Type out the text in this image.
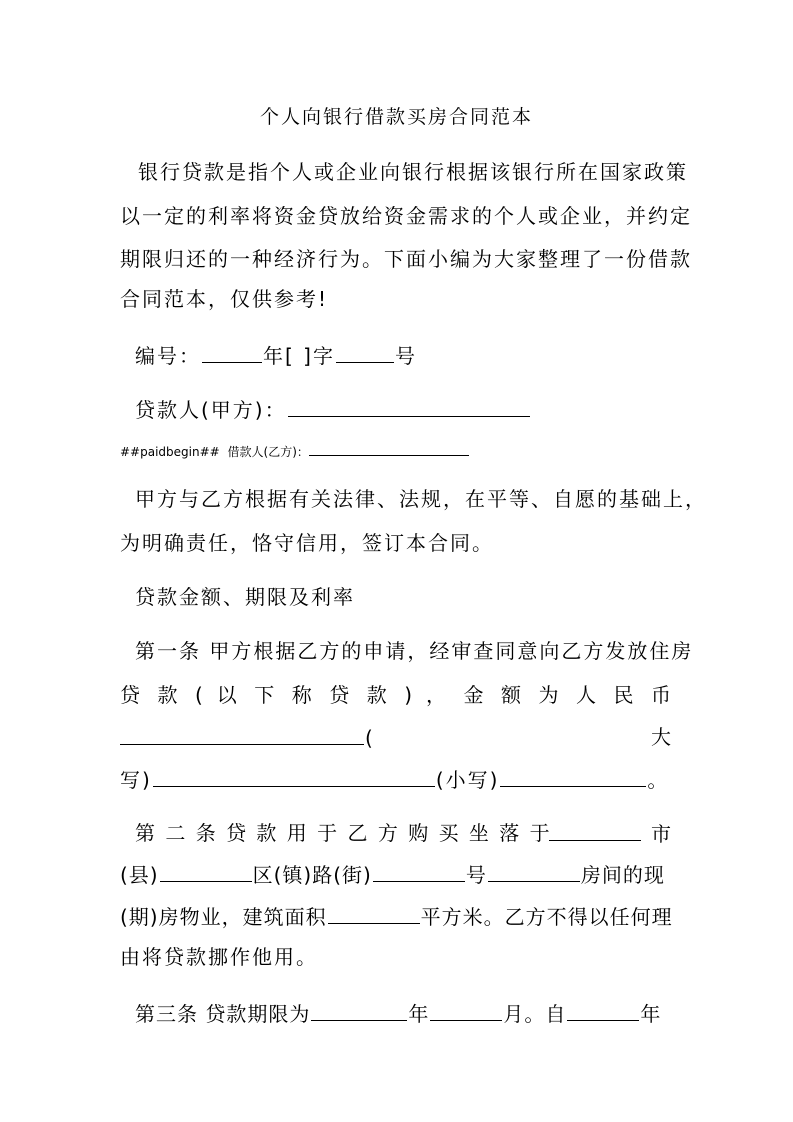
个人向银行借款买房合同范本
银行贷款是指个人或企业向银行根据该银行所在国家政策
以一定的利率将资金贷放给资金需求的个人或企业，并约定
期限归还的一种经济行为。下面小编为大家整理了一份借款
合同范本，仅供参考!
编号：	年[ ]字	号
贷款人(甲方)：
##paidbegin## 借款人(乙方)：
甲方与乙方根据有关法律、法规，在平等、自愿的基础上，
为明确责任，恪守信用，签订本合同。
贷款金额、期限及利率
第一条 甲方根据乙方的申请，经审查同意向乙方发放住房
贷 款 ( 以 下 称 贷 款 ) ， 金 额 为 人 民 币
(	大
写)	(小写)	。
第 二 条 贷 款 用 于 乙 方 购 买 坐 落 于	市
(县)	区(镇)路(街)	号	房间的现
(期)房物业，建筑面积	平方米。乙方不得以任何理
由将贷款挪作他用。
第三条 贷款期限为	年	月。自	年
